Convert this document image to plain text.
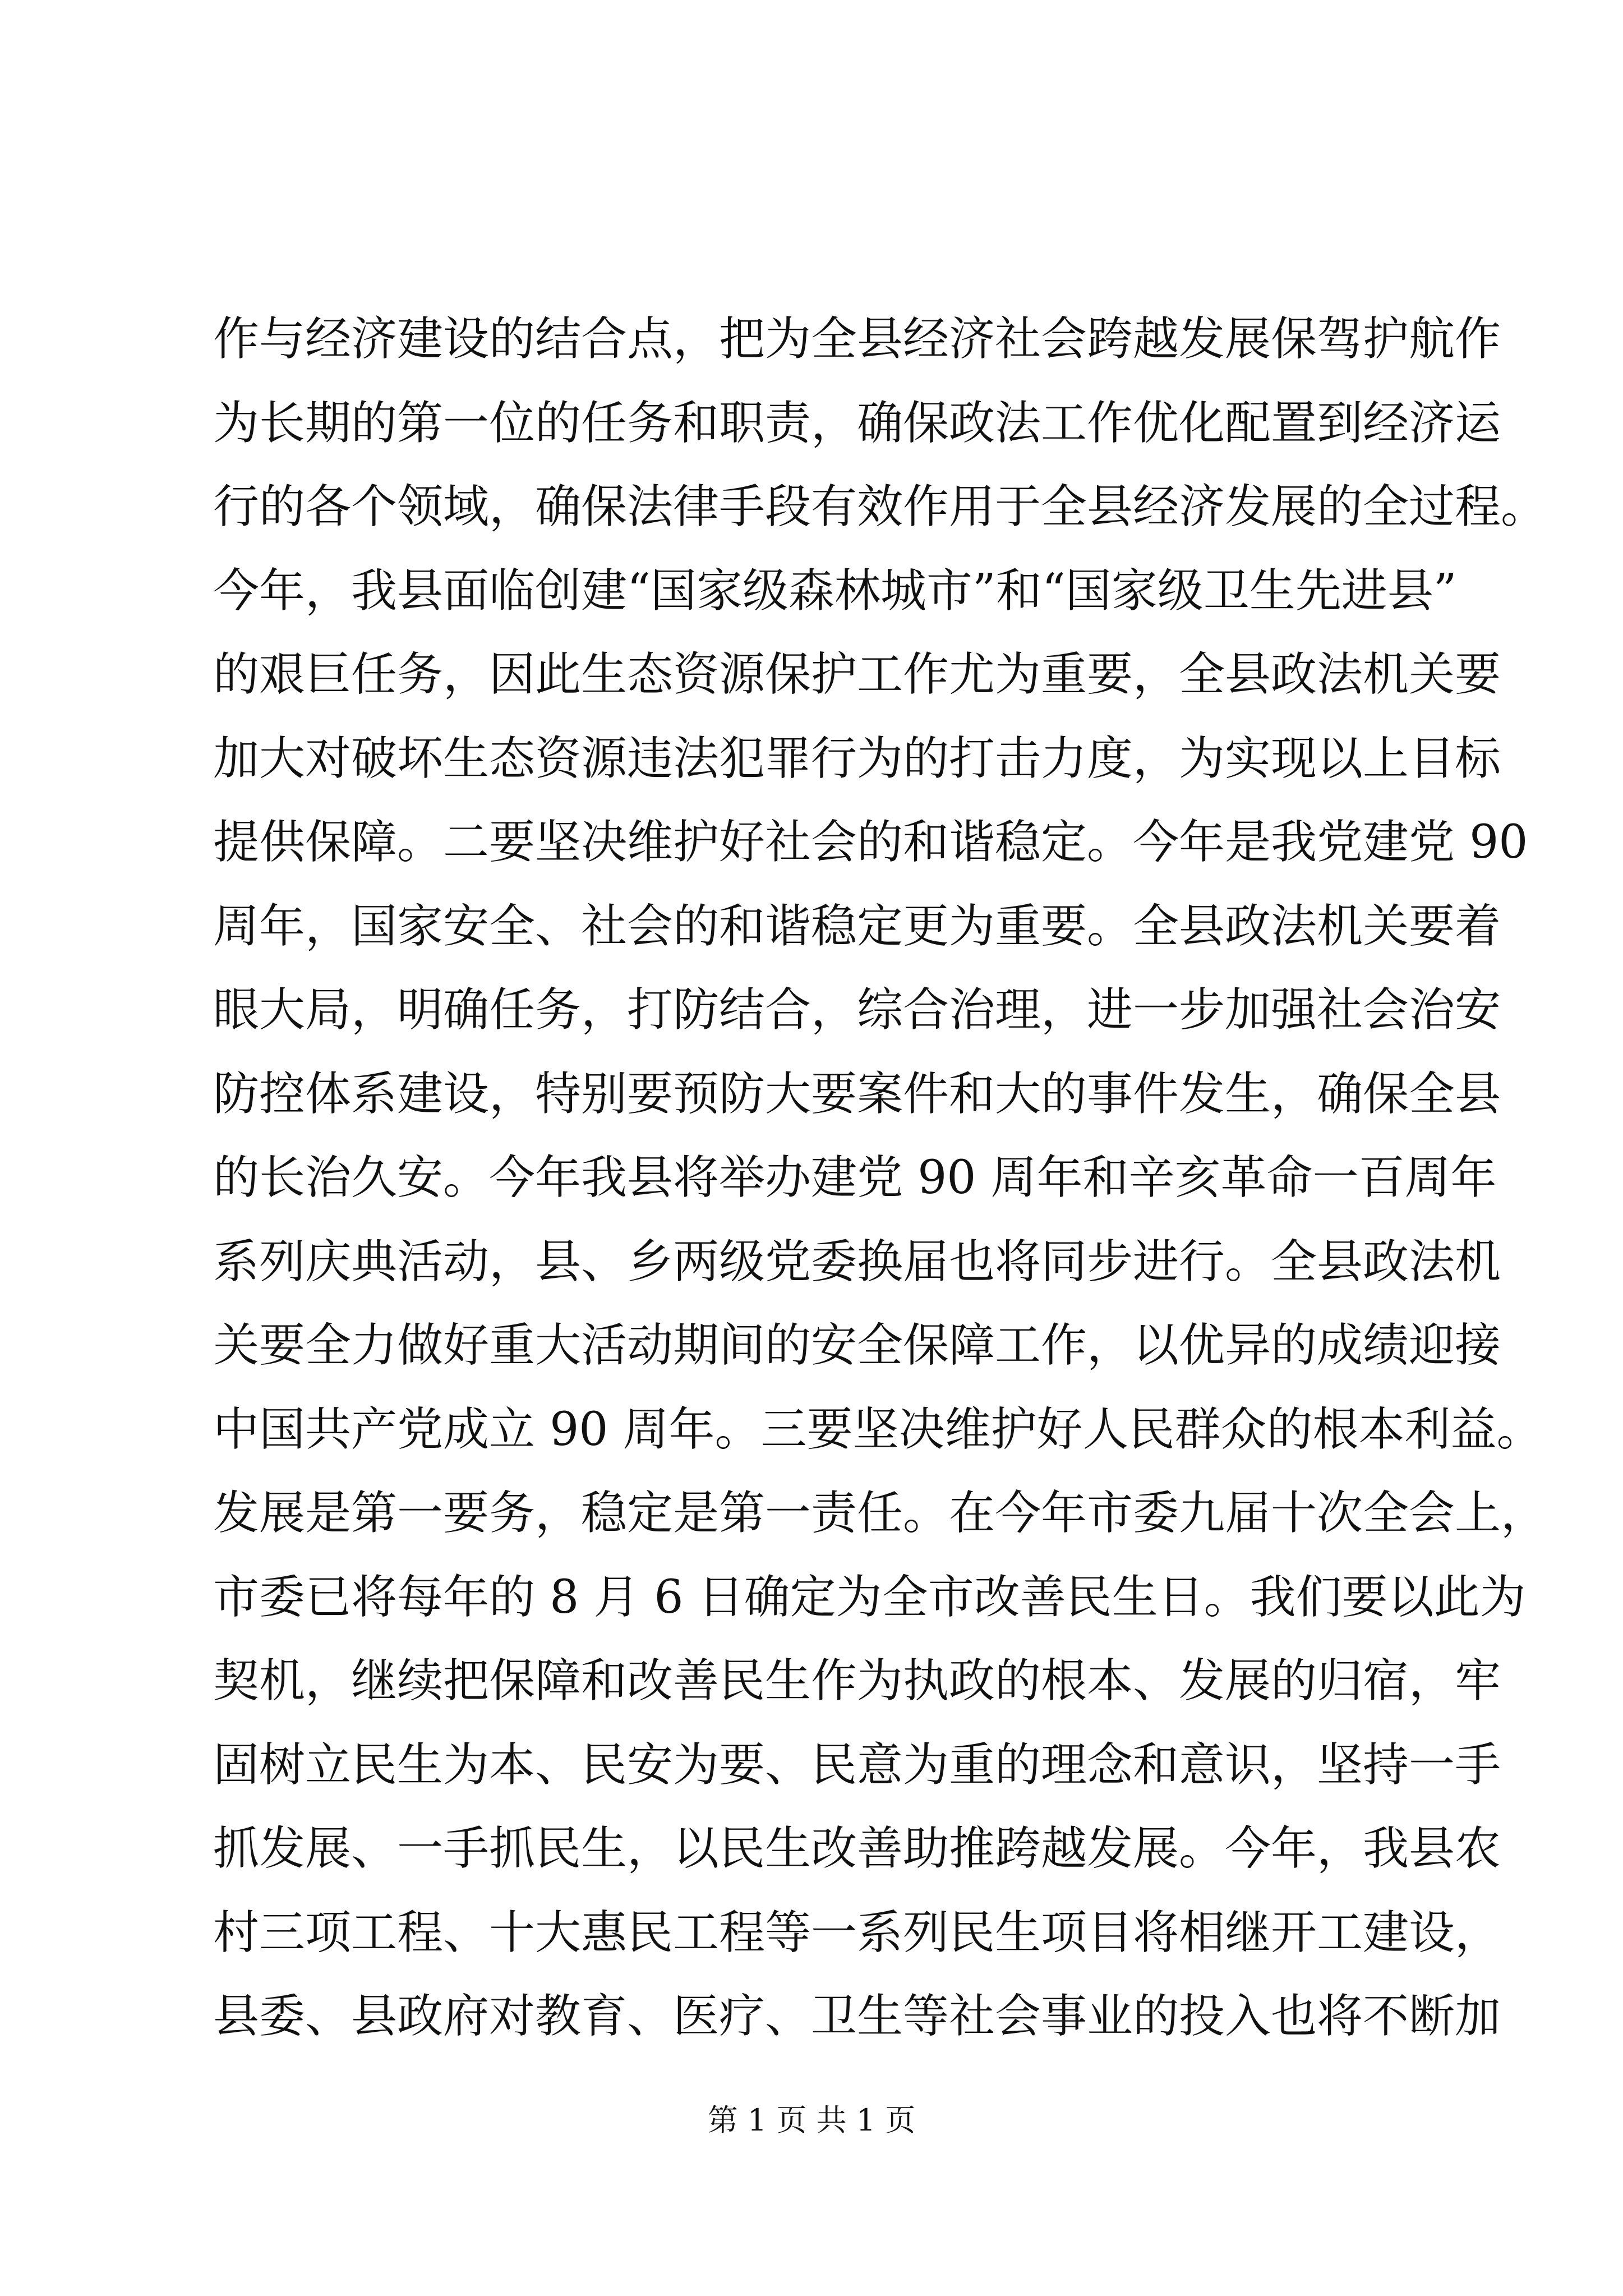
作与经济建设的结合点，把为全县经济社会跨越发展保驾护航作
为长期的第一位的任务和职责，确保政法工作优化配置到经济运
行的各个领域，确保法律手段有效作用于全县经济发展的全过程。
今年，我县面临创建“国家级森林城市”和“国家级卫生先进县”
的艰巨任务，因此生态资源保护工作尤为重要，全县政法机关要
加大对破坏生态资源违法犯罪行为的打击力度，为实现以上目标
提供保障。二要坚决维护好社会的和谐稳定。今年是我党建党 90
周年，国家安全、社会的和谐稳定更为重要。全县政法机关要着
眼大局，明确任务，打防结合，综合治理，进一步加强社会治安
防控体系建设，特别要预防大要案件和大的事件发生，确保全县
的长治久安。今年我县将举办建党 90 周年和辛亥革命一百周年
系列庆典活动，县、乡两级党委换届也将同步进行。全县政法机
关要全力做好重大活动期间的安全保障工作，以优异的成绩迎接
中国共产党成立 90 周年。三要坚决维护好人民群众的根本利益。
发展是第一要务，稳定是第一责任。在今年市委九届十次全会上，
市委已将每年的 8 月 6 日确定为全市改善民生日。我们要以此为
契机，继续把保障和改善民生作为执政的根本、发展的归宿，牢
固树立民生为本、民安为要、民意为重的理念和意识，坚持一手
抓发展、一手抓民生，以民生改善助推跨越发展。今年，我县农
村三项工程、十大惠民工程等一系列民生项目将相继开工建设，
县委、县政府对教育、医疗、卫生等社会事业的投入也将不断加
第 1 页 共 1 页
